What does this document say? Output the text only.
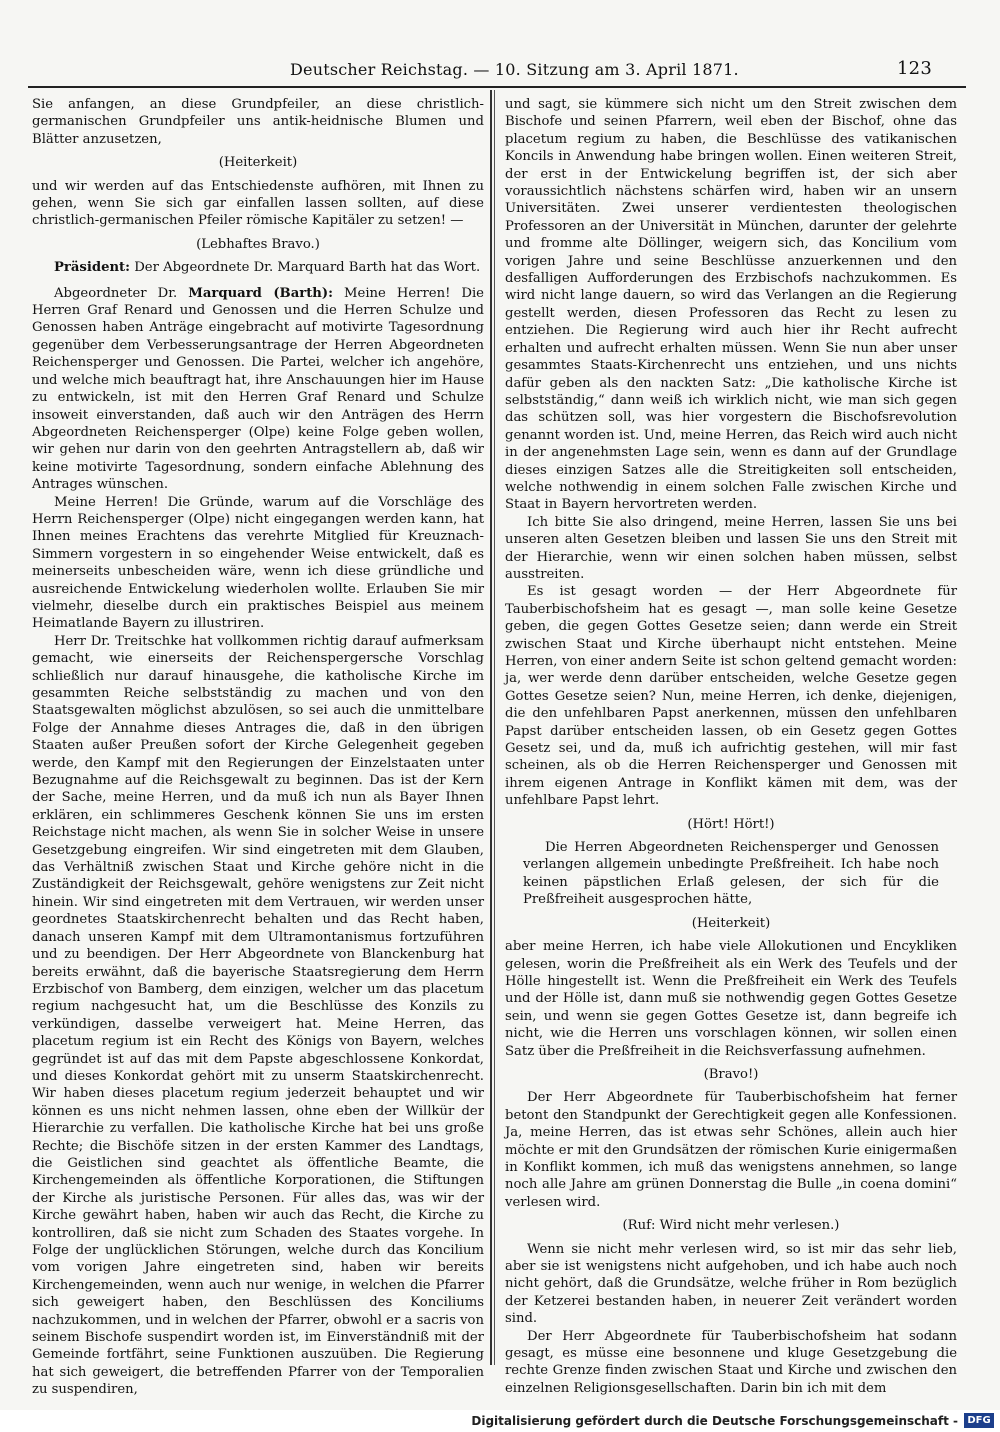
Deutscher Reichstag. — 10. Sitzung am 3. April 1871.	123

Sie anfangen, an diese Grundpfeiler, an diese christlich-germanischen Grundpfeiler uns antik-heidnische Blumen und Blätter anzusetzen,

(Heiterkeit)

und wir werden auf das Entschiedenste aufhören, mit Ihnen zu gehen, wenn Sie sich gar einfallen lassen sollten, auf diese christlich-germanischen Pfeiler römische Kapitäler zu setzen! —

(Lebhaftes Bravo.)

Präsident: Der Abgeordnete Dr. Marquard Barth hat das Wort.

Abgeordneter Dr. Marquard (Barth): Meine Herren! Die Herren Graf Renard und Genossen und die Herren Schulze und Genossen haben Anträge eingebracht auf motivirte Tagesordnung gegenüber dem Verbesserungsantrage der Herren Abgeordneten Reichensperger und Genossen. Die Partei, welcher ich angehöre, und welche mich beauftragt hat, ihre Anschauungen hier im Hause zu entwickeln, ist mit den Herren Graf Renard und Schulze insoweit einverstanden, daß auch wir den Anträgen des Herrn Abgeordneten Reichensperger (Olpe) keine Folge geben wollen, wir gehen nur darin von den geehrten Antragstellern ab, daß wir keine motivirte Tagesordnung, sondern einfache Ablehnung des Antrages wünschen.

Meine Herren! Die Gründe, warum auf die Vorschläge des Herrn Reichensperger (Olpe) nicht eingegangen werden kann, hat Ihnen meines Erachtens das verehrte Mitglied für Kreuznach-Simmern vorgestern in so eingehender Weise entwickelt, daß es meinerseits unbescheiden wäre, wenn ich diese gründliche und ausreichende Entwickelung wiederholen wollte. Erlauben Sie mir vielmehr, dieselbe durch ein praktisches Beispiel aus meinem Heimatlande Bayern zu illustriren.

Herr Dr. Treitschke hat vollkommen richtig darauf aufmerksam gemacht, wie einerseits der Reichenspergersche Vorschlag schließlich nur darauf hinausgehe, die katholische Kirche im gesammten Reiche selbstständig zu machen und von den Staatsgewalten möglichst abzulösen, so sei auch die unmittelbare Folge der Annahme dieses Antrages die, daß in den übrigen Staaten außer Preußen sofort der Kirche Gelegenheit gegeben werde, den Kampf mit den Regierungen der Einzelstaaten unter Bezugnahme auf die Reichsgewalt zu beginnen. Das ist der Kern der Sache, meine Herren, und da muß ich nun als Bayer Ihnen erklären, ein schlimmeres Geschenk können Sie uns im ersten Reichstage nicht machen, als wenn Sie in solcher Weise in unsere Gesetzgebung eingreifen. Wir sind eingetreten mit dem Glauben, das Verhältniß zwischen Staat und Kirche gehöre nicht in die Zuständigkeit der Reichsgewalt, gehöre wenigstens zur Zeit nicht hinein. Wir sind eingetreten mit dem Vertrauen, wir werden unser geordnetes Staatskirchenrecht behalten und das Recht haben, danach unseren Kampf mit dem Ultramontanismus fortzuführen und zu beendigen. Der Herr Abgeordnete von Blanckenburg hat bereits erwähnt, daß die bayerische Staatsregierung dem Herrn Erzbischof von Bamberg, dem einzigen, welcher um das placetum regium nachgesucht hat, um die Beschlüsse des Konzils zu verkündigen, dasselbe verweigert hat. Meine Herren, das placetum regium ist ein Recht des Königs von Bayern, welches gegründet ist auf das mit dem Papste abgeschlossene Konkordat, und dieses Konkordat gehört mit zu unserm Staatskirchenrecht. Wir haben dieses placetum regium jederzeit behauptet und wir können es uns nicht nehmen lassen, ohne eben der Willkür der Hierarchie zu verfallen. Die katholische Kirche hat bei uns große Rechte; die Bischöfe sitzen in der ersten Kammer des Landtags, die Geistlichen sind geachtet als öffentliche Beamte, die Kirchengemeinden als öffentliche Korporationen, die Stiftungen der Kirche als juristische Personen. Für alles das, was wir der Kirche gewährt haben, haben wir auch das Recht, die Kirche zu kontrolliren, daß sie nicht zum Schaden des Staates vorgehe. In Folge der unglücklichen Störungen, welche durch das Koncilium vom vorigen Jahre eingetreten sind, haben wir bereits Kirchengemeinden, wenn auch nur wenige, in welchen die Pfarrer sich geweigert haben, den Beschlüssen des Konciliums nachzukommen, und in welchen der Pfarrer, obwohl er a sacris von seinem Bischofe suspendirt worden ist, im Einverständniß mit der Gemeinde fortfährt, seine Funktionen auszuüben. Die Regierung hat sich geweigert, die betreffenden Pfarrer von der Temporalien zu suspendiren,

und sagt, sie kümmere sich nicht um den Streit zwischen dem Bischofe und seinen Pfarrern, weil eben der Bischof, ohne das placetum regium zu haben, die Beschlüsse des vatikanischen Koncils in Anwendung habe bringen wollen. Einen weiteren Streit, der erst in der Entwickelung begriffen ist, der sich aber voraussichtlich nächstens schärfen wird, haben wir an unsern Universitäten. Zwei unserer verdientesten theologischen Professoren an der Universität in München, darunter der gelehrte und fromme alte Döllinger, weigern sich, das Koncilium vom vorigen Jahre und seine Beschlüsse anzuerkennen und den desfalligen Aufforderungen des Erzbischofs nachzukommen. Es wird nicht lange dauern, so wird das Verlangen an die Regierung gestellt werden, diesen Professoren das Recht zu lesen zu entziehen. Die Regierung wird auch hier ihr Recht aufrecht erhalten und aufrecht erhalten müssen. Wenn Sie nun aber unser gesammtes Staats-Kirchenrecht uns entziehen, und uns nichts dafür geben als den nackten Satz: „Die katholische Kirche ist selbstständig,“ dann weiß ich wirklich nicht, wie man sich gegen das schützen soll, was hier vorgestern die Bischofsrevolution genannt worden ist. Und, meine Herren, das Reich wird auch nicht in der angenehmsten Lage sein, wenn es dann auf der Grundlage dieses einzigen Satzes alle die Streitigkeiten soll entscheiden, welche nothwendig in einem solchen Falle zwischen Kirche und Staat in Bayern hervortreten werden.

Ich bitte Sie also dringend, meine Herren, lassen Sie uns bei unseren alten Gesetzen bleiben und lassen Sie uns den Streit mit der Hierarchie, wenn wir einen solchen haben müssen, selbst ausstreiten.

Es ist gesagt worden — der Herr Abgeordnete für Tauberbischofsheim hat es gesagt —, man solle keine Gesetze geben, die gegen Gottes Gesetze seien; dann werde ein Streit zwischen Staat und Kirche überhaupt nicht entstehen. Meine Herren, von einer andern Seite ist schon geltend gemacht worden: ja, wer werde denn darüber entscheiden, welche Gesetze gegen Gottes Gesetze seien? Nun, meine Herren, ich denke, diejenigen, die den unfehlbaren Papst anerkennen, müssen den unfehlbaren Papst darüber entscheiden lassen, ob ein Gesetz gegen Gottes Gesetz sei, und da, muß ich aufrichtig gestehen, will mir fast scheinen, als ob die Herren Reichensperger und Genossen mit ihrem eigenen Antrage in Konflikt kämen mit dem, was der unfehlbare Papst lehrt.

(Hört! Hört!)

Die Herren Abgeordneten Reichensperger und Genossen verlangen allgemein unbedingte Preßfreiheit. Ich habe noch keinen päpstlichen Erlaß gelesen, der sich für die Preßfreiheit ausgesprochen hätte,

(Heiterkeit)

aber meine Herren, ich habe viele Allokutionen und Encykliken gelesen, worin die Preßfreiheit als ein Werk des Teufels und der Hölle hingestellt ist. Wenn die Preßfreiheit ein Werk des Teufels und der Hölle ist, dann muß sie nothwendig gegen Gottes Gesetze sein, und wenn sie gegen Gottes Gesetze ist, dann begreife ich nicht, wie die Herren uns vorschlagen können, wir sollen einen Satz über die Preßfreiheit in die Reichsverfassung aufnehmen.

(Bravo!)

Der Herr Abgeordnete für Tauberbischofsheim hat ferner betont den Standpunkt der Gerechtigkeit gegen alle Konfessionen. Ja, meine Herren, das ist etwas sehr Schönes, allein auch hier möchte er mit den Grundsätzen der römischen Kurie einigermaßen in Konflikt kommen, ich muß das wenigstens annehmen, so lange noch alle Jahre am grünen Donnerstag die Bulle „in coena domini“ verlesen wird.

(Ruf: Wird nicht mehr verlesen.)

Wenn sie nicht mehr verlesen wird, so ist mir das sehr lieb, aber sie ist wenigstens nicht aufgehoben, und ich habe auch noch nicht gehört, daß die Grundsätze, welche früher in Rom bezüglich der Ketzerei bestanden haben, in neuerer Zeit verändert worden sind.

Der Herr Abgeordnete für Tauberbischofsheim hat sodann gesagt, es müsse eine besonnene und kluge Gesetzgebung die rechte Grenze finden zwischen Staat und Kirche und zwischen den einzelnen Religionsgesellschaften. Darin bin ich mit dem

Digitalisierung gefördert durch die Deutsche Forschungsgemeinschaft - DFG
